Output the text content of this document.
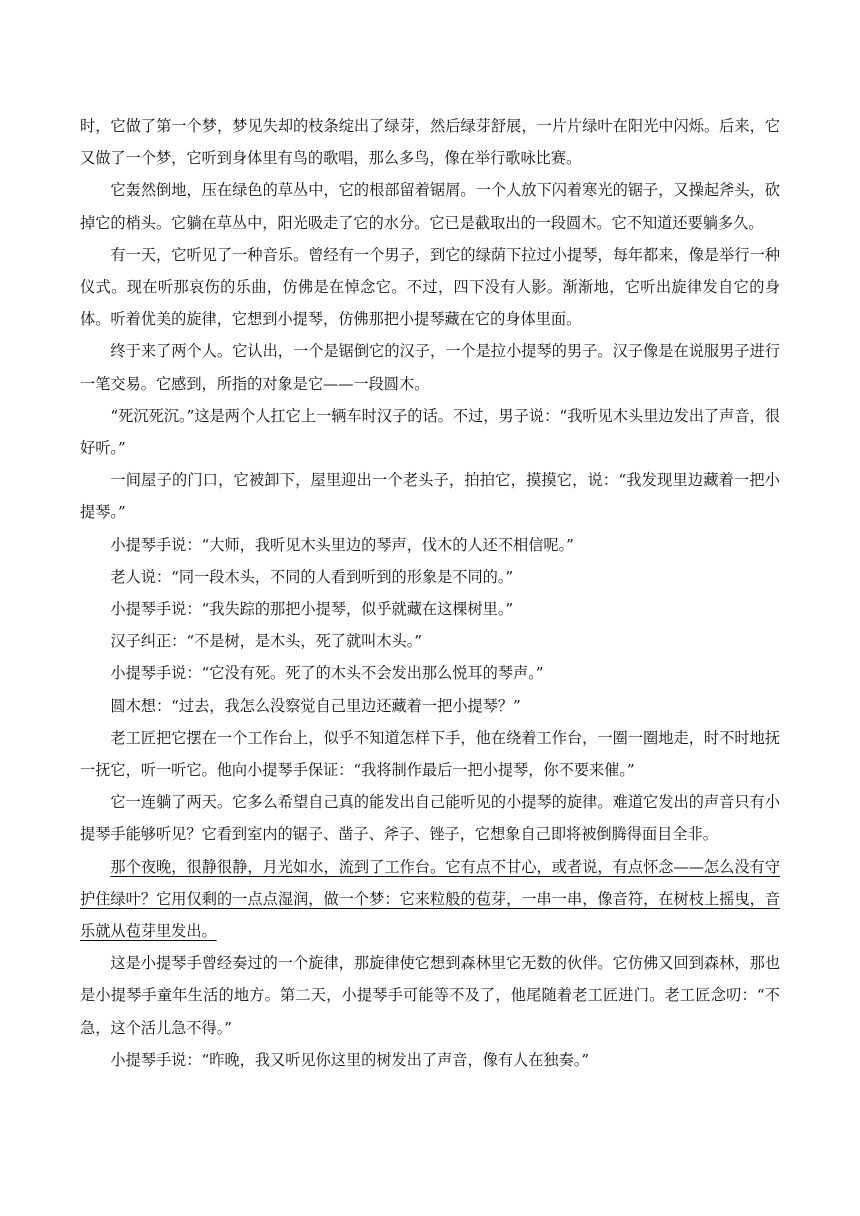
时，它做了第一个梦，梦见失却的枝条绽出了绿芽，然后绿芽舒展，一片片绿叶在阳光中闪烁。后来，它又做了一个梦，它听到身体里有鸟的歌唱，那么多鸟，像在举行歌咏比赛。

它轰然倒地，压在绿色的草丛中，它的根部留着锯屑。一个人放下闪着寒光的锯子，又操起斧头，砍掉它的梢头。它躺在草丛中，阳光吸走了它的水分。它已是截取出的一段圆木。它不知道还要躺多久。

有一天，它听见了一种音乐。曾经有一个男子，到它的绿荫下拉过小提琴，每年都来，像是举行一种仪式。现在听那哀伤的乐曲，仿佛是在悼念它。不过，四下没有人影。渐渐地，它听出旋律发自它的身体。听着优美的旋律，它想到小提琴，仿佛那把小提琴藏在它的身体里面。

终于来了两个人。它认出，一个是锯倒它的汉子，一个是拉小提琴的男子。汉子像是在说服男子进行一笔交易。它感到，所指的对象是它——一段圆木。

“死沉死沉。”这是两个人扛它上一辆车时汉子的话。不过，男子说：“我听见木头里边发出了声音，很好听。”

一间屋子的门口，它被卸下，屋里迎出一个老头子，拍拍它，摸摸它，说：“我发现里边藏着一把小提琴。”

小提琴手说：“大师，我听见木头里边的琴声，伐木的人还不相信呢。”

老人说：“同一段木头，不同的人看到听到的形象是不同的。”

小提琴手说：“我失踪的那把小提琴，似乎就藏在这棵树里。”

汉子纠正：“不是树，是木头，死了就叫木头。”

小提琴手说：“它没有死。死了的木头不会发出那么悦耳的琴声。”

圆木想：“过去，我怎么没察觉自己里边还藏着一把小提琴？”

老工匠把它摆在一个工作台上，似乎不知道怎样下手，他在绕着工作台，一圈一圈地走，时不时地抚一抚它，听一听它。他向小提琴手保证：“我将制作最后一把小提琴，你不要来催。”

它一连躺了两天。它多么希望自己真的能发出自己能听见的小提琴的旋律。难道它发出的声音只有小提琴手能够听见？它看到室内的锯子、凿子、斧子、锉子，它想象自己即将被倒腾得面目全非。

那个夜晚，很静很静，月光如水，流到了工作台。它有点不甘心，或者说，有点怀念——怎么没有守护住绿叶？它用仅剩的一点点湿润，做一个梦：它来粒般的苞芽，一串一串，像音符，在树枝上摇曳，音乐就从苞芽里发出。

这是小提琴手曾经奏过的一个旋律，那旋律使它想到森林里它无数的伙伴。它仿佛又回到森林，那也是小提琴手童年生活的地方。第二天，小提琴手可能等不及了，他尾随着老工匠进门。老工匠念叨：“不急，这个活儿急不得。”

小提琴手说：“昨晚，我又听见你这里的树发出了声音，像有人在独奏。”
